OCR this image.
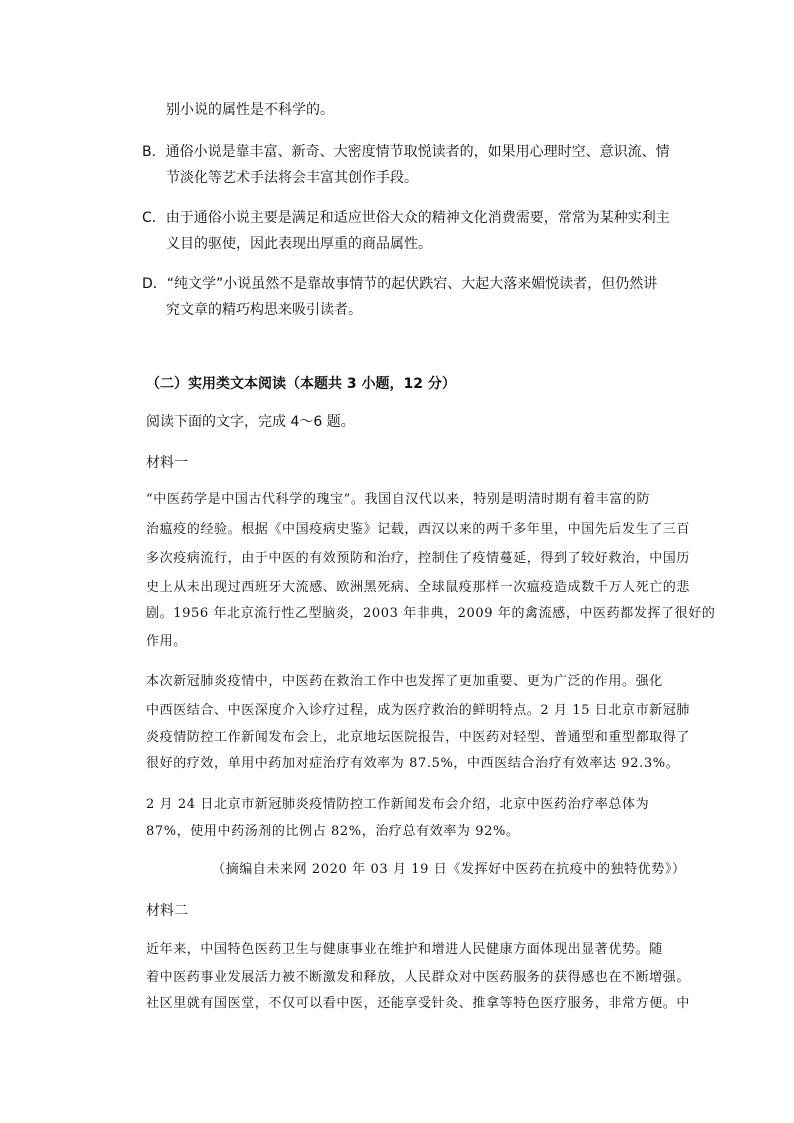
别小说的属性是不科学的。
B．通俗小说是靠丰富、新奇、大密度情节取悦读者的，如果用心理时空、意识流、情
节淡化等艺术手法将会丰富其创作手段。
C．由于通俗小说主要是满足和适应世俗大众的精神文化消费需要，常常为某种实利主
义目的驱使，因此表现出厚重的商品属性。
D．“纯文学”小说虽然不是靠故事情节的起伏跌宕、大起大落来媚悦读者，但仍然讲
究文章的精巧构思来吸引读者。
（二）实用类文本阅读（本题共 3 小题，12 分）
阅读下面的文字，完成 4～6 题。
材料一
“中医药学是中国古代科学的瑰宝”。我国自汉代以来，特别是明清时期有着丰富的防
治瘟疫的经验。根据《中国疫病史鉴》记载，西汉以来的两千多年里，中国先后发生了三百
多次疫病流行，由于中医的有效预防和治疗，控制住了疫情蔓延，得到了较好救治，中国历
史上从未出现过西班牙大流感、欧洲黑死病、全球鼠疫那样一次瘟疫造成数千万人死亡的悲
剧。1956 年北京流行性乙型脑炎，2003 年非典，2009 年的禽流感，中医药都发挥了很好的
作用。
本次新冠肺炎疫情中，中医药在救治工作中也发挥了更加重要、更为广泛的作用。强化
中西医结合、中医深度介入诊疗过程，成为医疗救治的鲜明特点。2 月 15 日北京市新冠肺
炎疫情防控工作新闻发布会上，北京地坛医院报告，中医药对轻型、普通型和重型都取得了
很好的疗效，单用中药加对症治疗有效率为 87.5%，中西医结合治疗有效率达 92.3%。
2 月 24 日北京市新冠肺炎疫情防控工作新闻发布会介绍，北京中医药治疗率总体为
87%，使用中药汤剂的比例占 82%，治疗总有效率为 92%。
（摘编自未来网 2020 年 03 月 19 日《发挥好中医药在抗疫中的独特优势》）
材料二
近年来，中国特色医药卫生与健康事业在维护和增进人民健康方面体现出显著优势。随
着中医药事业发展活力被不断激发和释放，人民群众对中医药服务的获得感也在不断增强。
社区里就有国医堂，不仅可以看中医，还能享受针灸、推拿等特色医疗服务，非常方便。中
